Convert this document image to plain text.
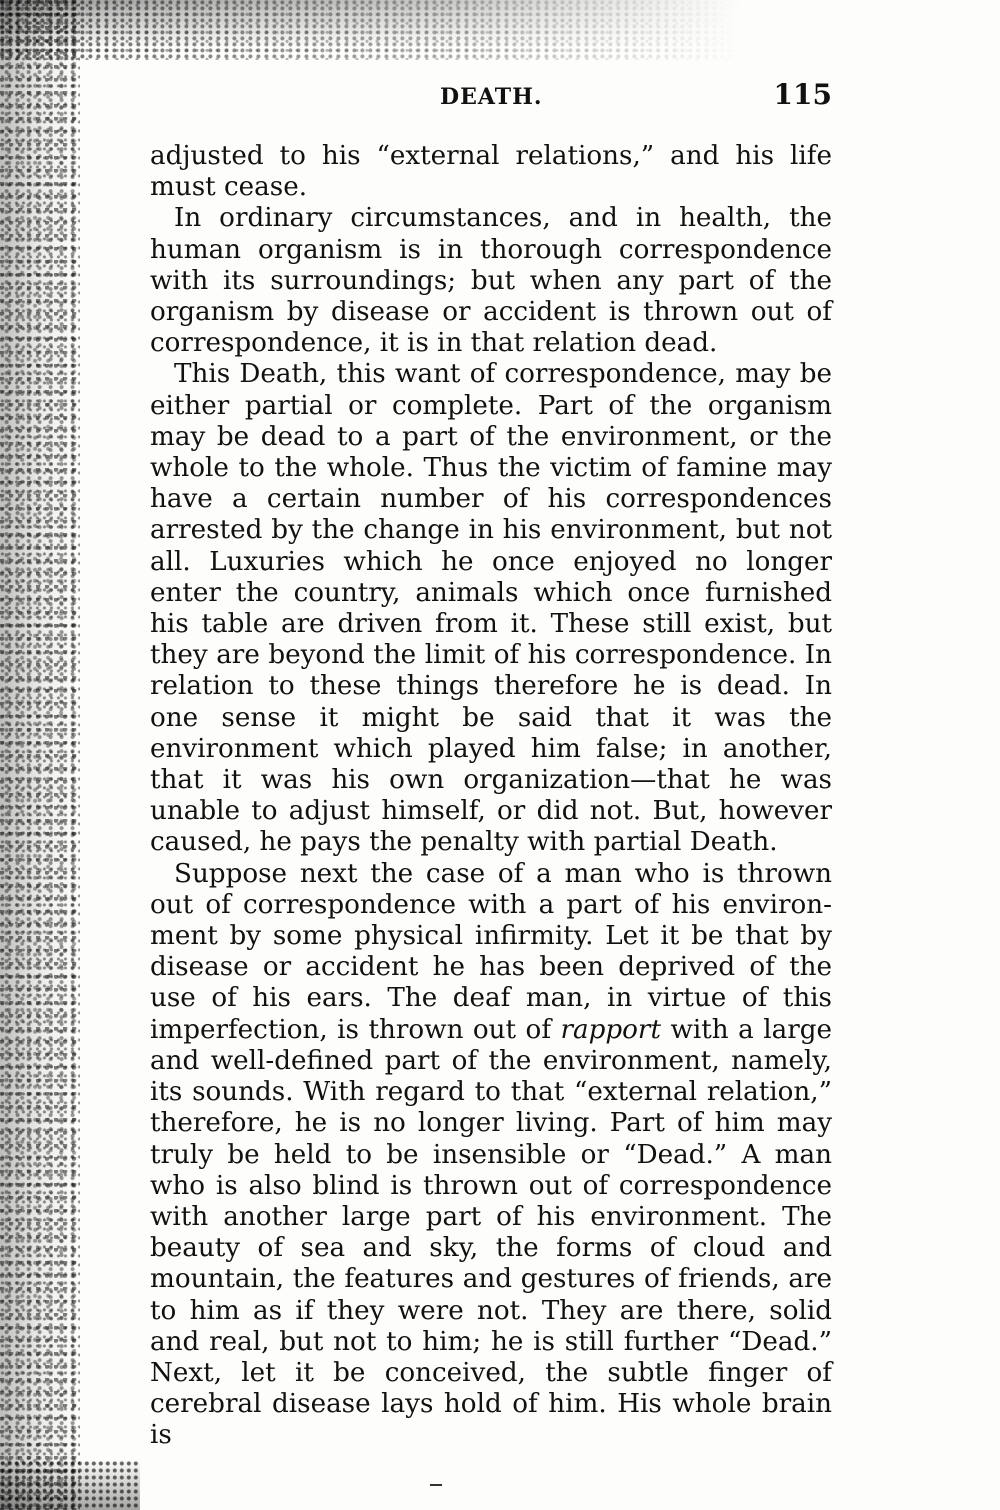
DEATH.	115

adjusted to his “external relations,” and his life must cease.

In ordinary circumstances, and in health, the human organism is in thorough correspondence with its surroundings; but when any part of the organism by disease or accident is thrown out of correspondence, it is in that relation dead.

This Death, this want of correspondence, may be either partial or complete. Part of the organism may be dead to a part of the environment, or the whole to the whole. Thus the victim of famine may have a certain number of his correspondences arrested by the change in his environment, but not all. Luxuries which he once enjoyed no longer enter the country, animals which once furnished his table are driven from it. These still exist, but they are beyond the limit of his correspondence. In relation to these things therefore he is dead. In one sense it might be said that it was the environment which played him false; in another, that it was his own organization—that he was unable to adjust himself, or did not. But, however caused, he pays the penalty with partial Death.

Suppose next the case of a man who is thrown out of correspondence with a part of his environment by some physical infirmity. Let it be that by disease or accident he has been deprived of the use of his ears. The deaf man, in virtue of this imperfection, is thrown out of rapport with a large and well-defined part of the environment, namely, its sounds. With regard to that “external relation,” therefore, he is no longer living. Part of him may truly be held to be insensible or “Dead.” A man who is also blind is thrown out of correspondence with another large part of his environment. The beauty of sea and sky, the forms of cloud and mountain, the features and gestures of friends, are to him as if they were not. They are there, solid and real, but not to him; he is still further “Dead.” Next, let it be conceived, the subtle finger of cerebral disease lays hold of him. His whole brain is
